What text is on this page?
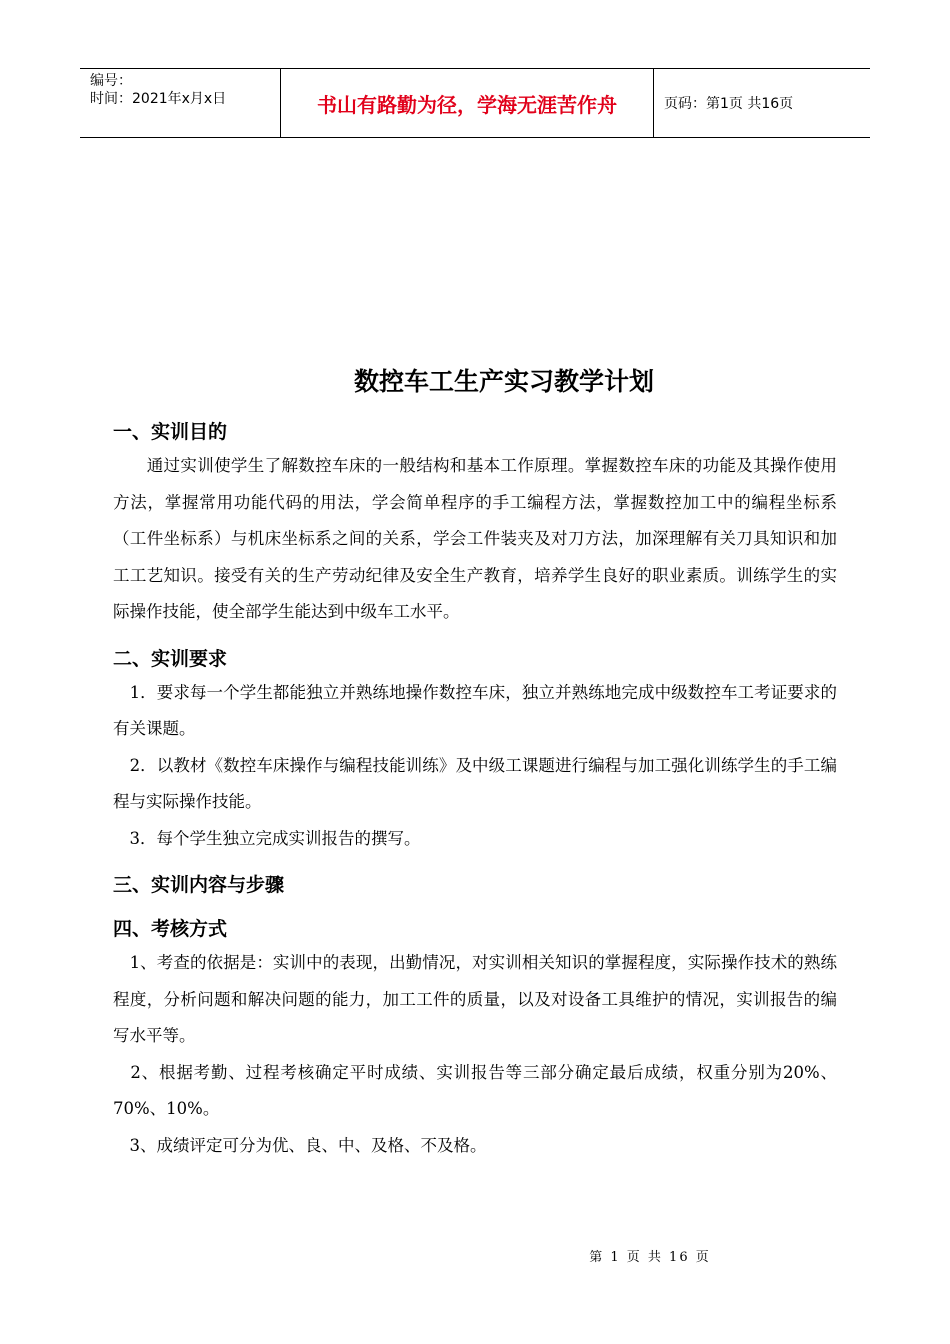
编号：
时间：2021年x月x日	书山有路勤为径，学海无涯苦作舟	页码：第1页 共16页
数控车工生产实习教学计划

一、实训目的

　　通过实训使学生了解数控车床的一般结构和基本工作原理。掌握数控车床的功能及其操作使用方法，掌握常用功能代码的用法，学会简单程序的手工编程方法，掌握数控加工中的编程坐标系（工件坐标系）与机床坐标系之间的关系，学会工件装夹及对刀方法，加深理解有关刀具知识和加工工艺知识。接受有关的生产劳动纪律及安全生产教育，培养学生良好的职业素质。训练学生的实际操作技能，使全部学生能达到中级车工水平。

二、实训要求

　1．要求每一个学生都能独立并熟练地操作数控车床，独立并熟练地完成中级数控车工考证要求的有关课题。

　2．以教材《数控车床操作与编程技能训练》及中级工课题进行编程与加工强化训练学生的手工编程与实际操作技能。

　3．每个学生独立完成实训报告的撰写。

三、实训内容与步骤

四、考核方式

　1、考查的依据是：实训中的表现，出勤情况，对实训相关知识的掌握程度，实际操作技术的熟练程度，分析问题和解决问题的能力，加工工件的质量，以及对设备工具维护的情况，实训报告的编写水平等。

　2、根据考勤、过程考核确定平时成绩、实训报告等三部分确定最后成绩，权重分别为20%、70%、10%。

　3、成绩评定可分为优、良、中、及格、不及格。

第 1 页 共 16 页
